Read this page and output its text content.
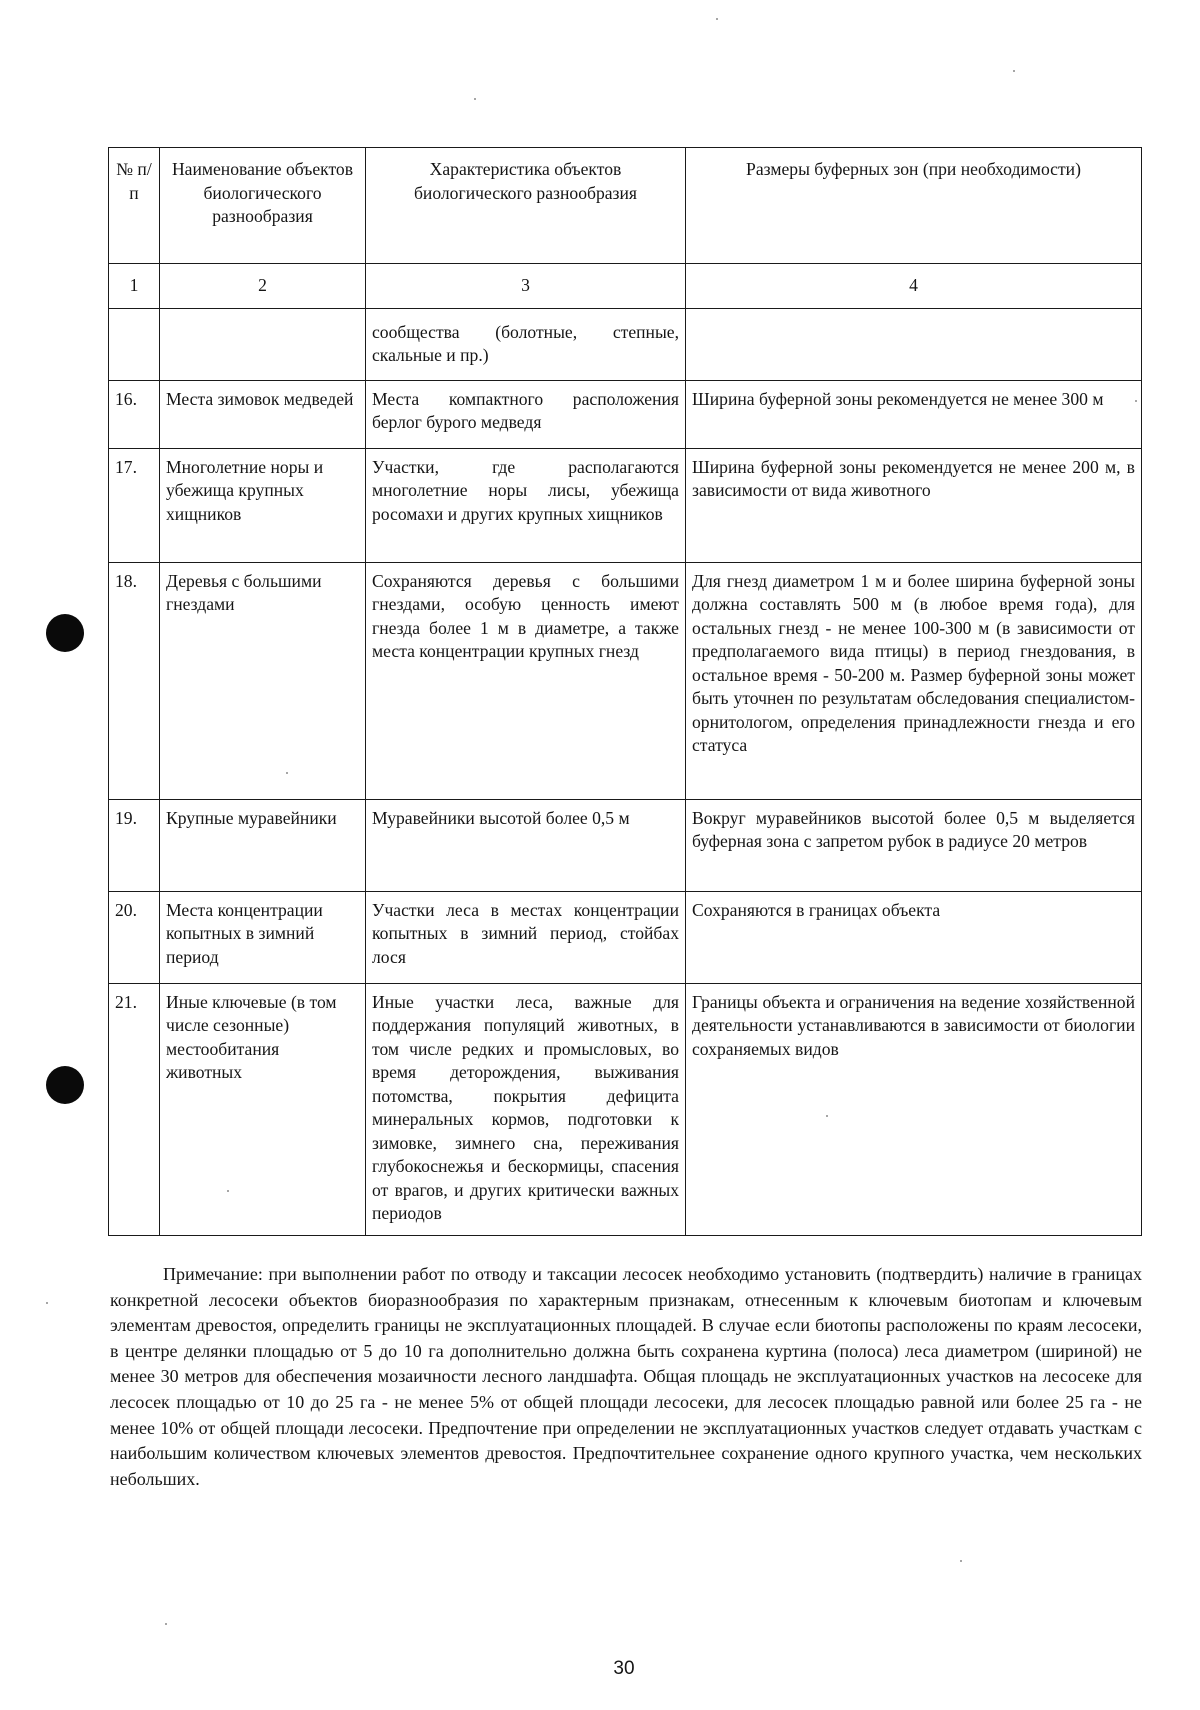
№ п/п	Наименование объектов биологического разнообразия	Характеристика объектов биологического разнообразия	Размеры буферных зон (при необходимости)
1	2	3	4
		сообщества (болотные, степные, скальные и пр.)	
16.	Места зимовок медведей	Места компактного расположения берлог бурого медведя	Ширина буферной зоны рекомендуется не менее 300 м
17.	Многолетние норы и убежища крупных хищников	Участки, где располагаются многолетние норы лисы, убежища росомахи и других крупных хищников	Ширина буферной зоны рекомендуется не менее 200 м, в зависимости от вида животного
18.	Деревья с большими гнездами	Сохраняются деревья с большими гнездами, особую ценность имеют гнезда более 1 м в диаметре, а также места концентрации крупных гнезд	Для гнезд диаметром 1 м и более ширина буферной зоны должна составлять 500 м (в любое время года), для остальных гнезд - не менее 100-300 м (в зависимости от предполагаемого вида птицы) в период гнездования, в остальное время - 50-200 м. Размер буферной зоны может быть уточнен по результатам обследования специалистом-орнитологом, определения принадлежности гнезда и его статуса
19.	Крупные муравейники	Муравейники высотой более 0,5 м	Вокруг муравейников высотой более 0,5 м выделяется буферная зона с запретом рубок в радиусе 20 метров
20.	Места концентрации копытных в зимний период	Участки леса в местах концентрации копытных в зимний период, стойбах лося	Сохраняются в границах объекта
21.	Иные ключевые (в том числе сезонные) местообитания животных	Иные участки леса, важные для поддержания популяций животных, в том числе редких и промысловых, во время деторождения, выживания потомства, покрытия дефицита минеральных кормов, подготовки к зимовке, зимнего сна, переживания глубокоснежья и бескормицы, спасения от врагов, и других критически важных периодов	Границы объекта и ограничения на ведение хозяйственной деятельности устанавливаются в зависимости от биологии сохраняемых видов

Примечание: при выполнении работ по отводу и таксации лесосек необходимо установить (подтвердить) наличие в границах конкретной лесосеки объектов биоразнообразия по характерным признакам, отнесенным к ключевым биотопам и ключевым элементам древостоя, определить границы не эксплуатационных площадей. В случае если биотопы расположены по краям лесосеки, в центре делянки площадью от 5 до 10 га дополнительно должна быть сохранена куртина (полоса) леса диаметром (шириной) не менее 30 метров для обеспечения мозаичности лесного ландшафта. Общая площадь не эксплуатационных участков на лесосеке для лесосек площадью от 10 до 25 га - не менее 5% от общей площади лесосеки, для лесосек площадью равной или более 25 га - не менее 10% от общей площади лесосеки. Предпочтение при определении не эксплуатационных участков следует отдавать участкам с наибольшим количеством ключевых элементов древостоя. Предпочтительнее сохранение одного крупного участка, чем нескольких небольших.

30
